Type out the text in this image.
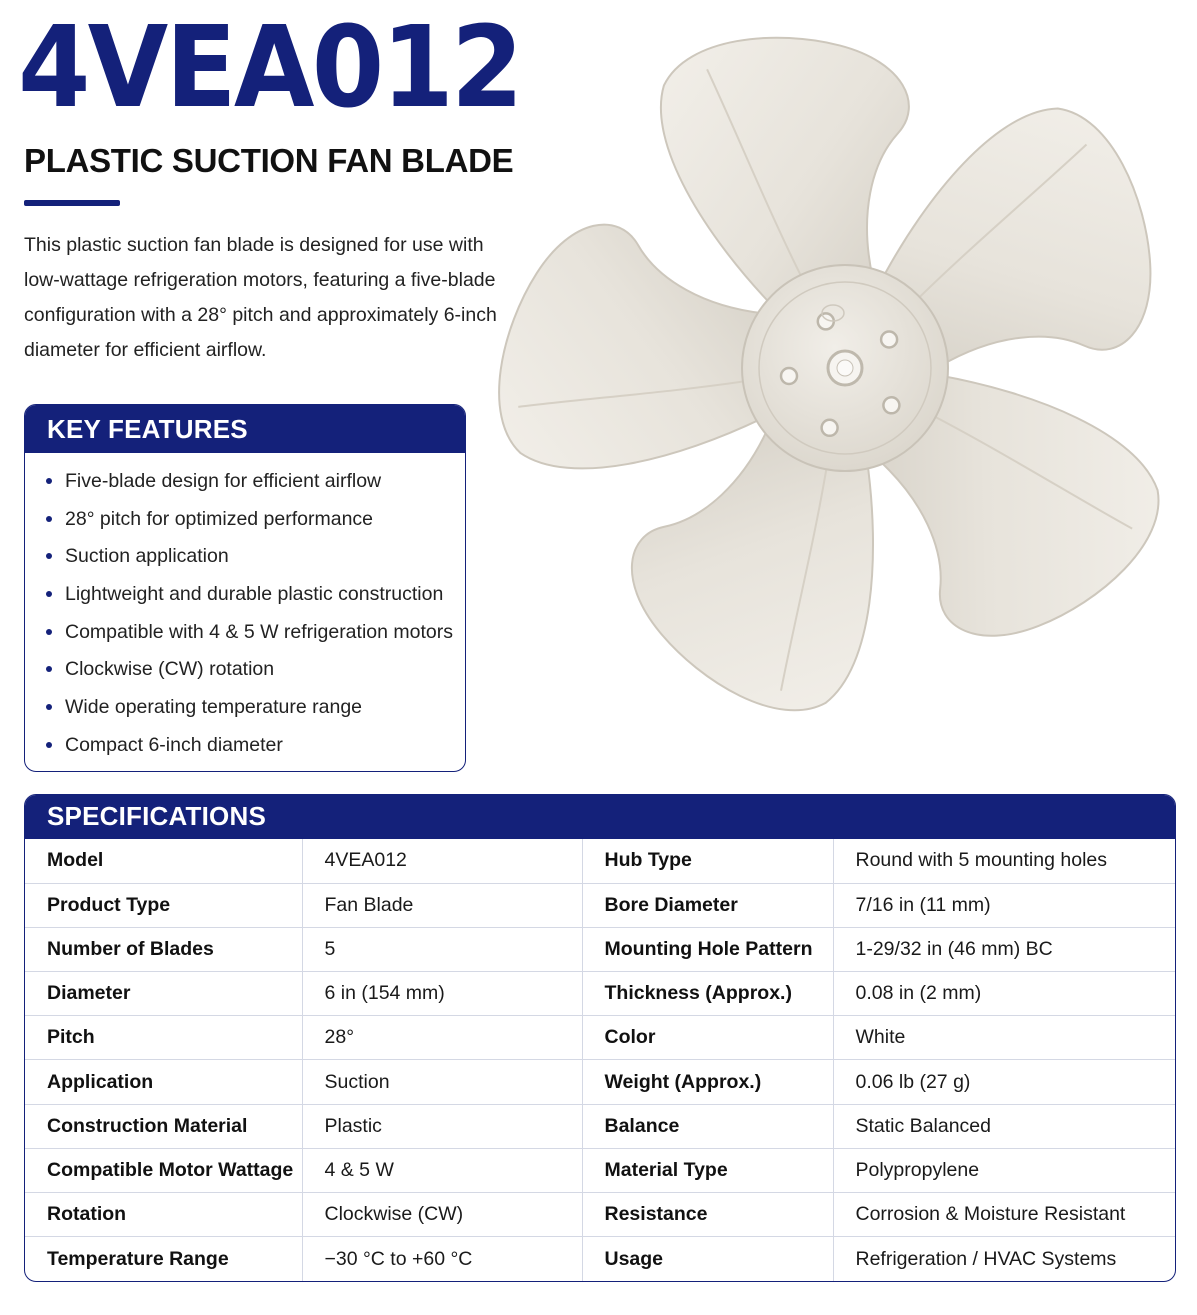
4VEA012
PLASTIC SUCTION FAN BLADE

This plastic suction fan blade is designed for use with low-wattage refrigeration motors, featuring a five-blade configuration with a 28° pitch and approximately 6-inch diameter for efficient airflow.

KEY FEATURES
Five-blade design for efficient airflow
28° pitch for optimized performance
Suction application
Lightweight and durable plastic construction
Compatible with 4 & 5 W refrigeration motors
Clockwise (CW) rotation
Wide operating temperature range
Compact 6-inch diameter
SPECIFICATIONS
Model	4VEA012	Hub Type	Round with 5 mounting holes
Product Type	Fan Blade	Bore Diameter	7/16 in (11 mm)
Number of Blades	5	Mounting Hole Pattern	1-29/32 in (46 mm) BC
Diameter	6 in (154 mm)	Thickness (Approx.)	0.08 in (2 mm)
Pitch	28°	Color	White
Application	Suction	Weight (Approx.)	0.06 lb (27 g)
Construction Material	Plastic	Balance	Static Balanced
Compatible Motor Wattage	4 & 5 W	Material Type	Polypropylene
Rotation	Clockwise (CW)	Resistance	Corrosion & Moisture Resistant
Temperature Range	−30 °C to +60 °C	Usage	Refrigeration / HVAC Systems
